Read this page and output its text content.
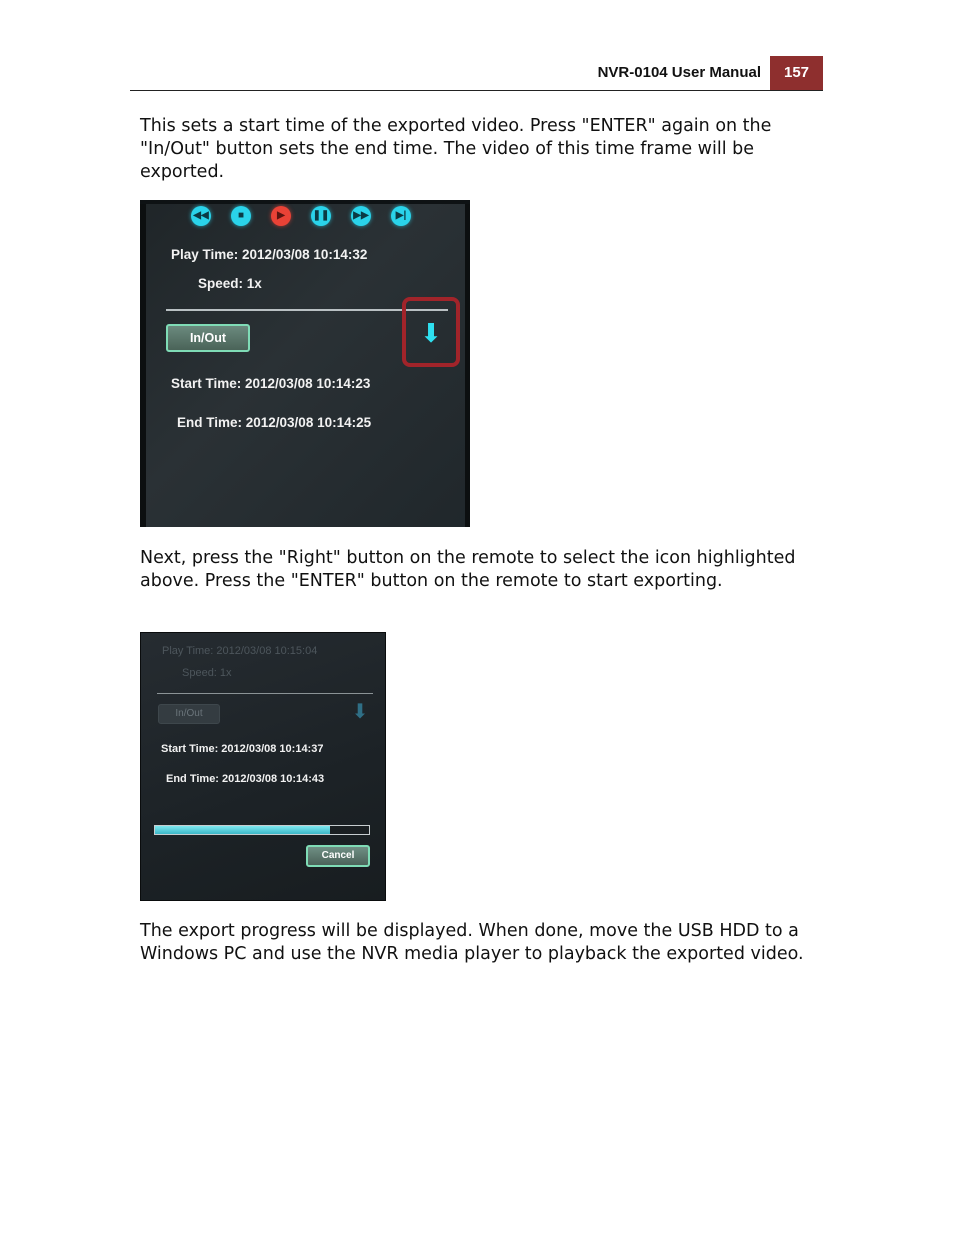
NVR-0104 User Manual	157

This sets a start time of the exported video. Press "ENTER" again on the "In/Out" button sets the end time. The video of this time frame will be exported.

◀◀	■	▶	❚❚ ▶▶	▶|
Play Time: 2012/03/08 10:14:32
Speed: 1x
In/Out	⬇
Start Time: 2012/03/08 10:14:23
End Time: 2012/03/08 10:14:25

Next, press the "Right" button on the remote to select the icon highlighted above. Press the "ENTER" button on the remote to start exporting.

Play Time: 2012/03/08 10:15:04
Speed: 1x
In/Out	⬇
Start Time: 2012/03/08 10:14:37
End Time: 2012/03/08 10:14:43
Cancel

The export progress will be displayed. When done, move the USB HDD to a Windows PC and use the NVR media player to playback the exported video.
